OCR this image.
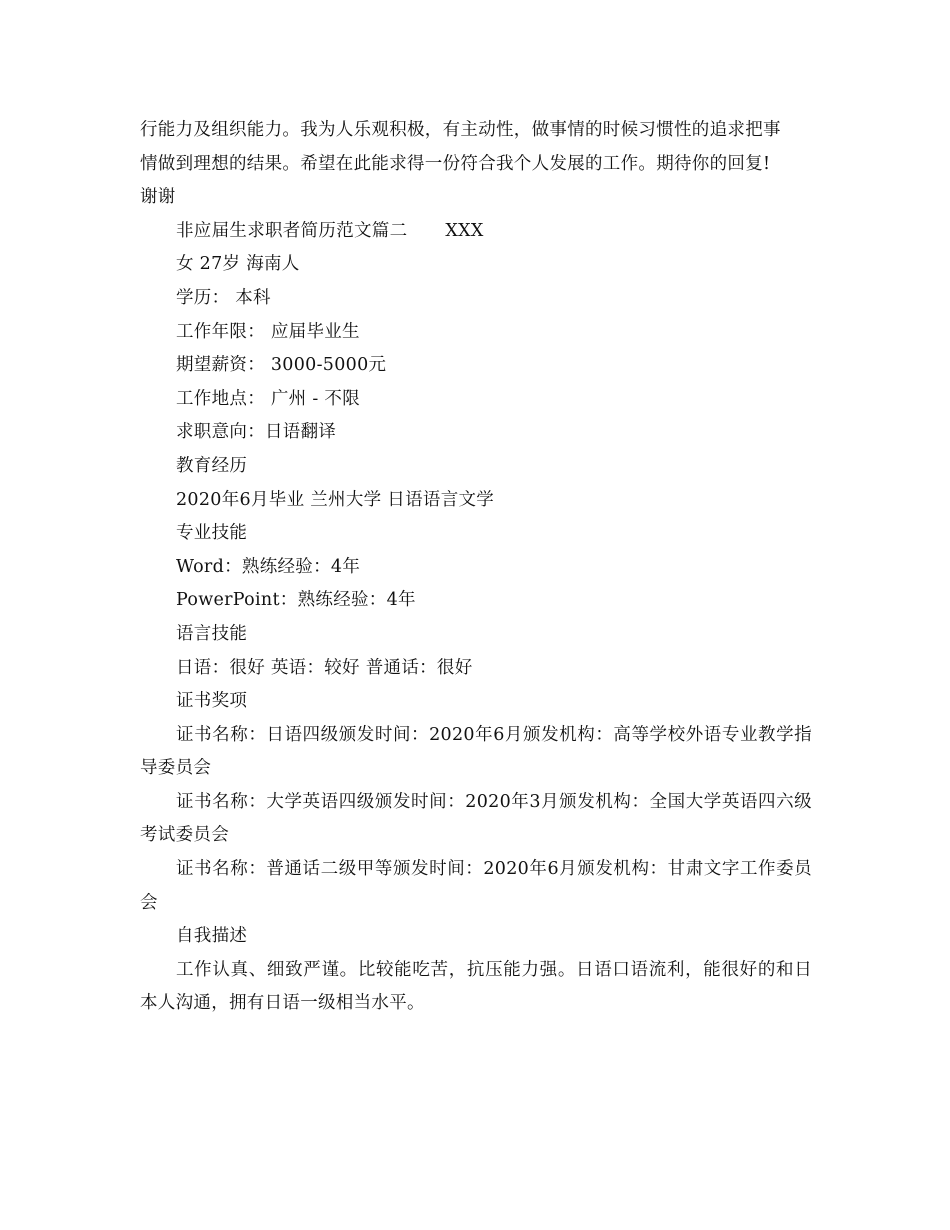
行能力及组织能力。我为人乐观积极，有主动性，做事情的时候习惯性的追求把事

情做到理想的结果。希望在此能求得一份符合我个人发展的工作。期待你的回复!

谢谢

非应届生求职者简历范文篇二 XXX

女 27岁 海南人

学历： 本科

工作年限： 应届毕业生

期望薪资： 3000-5000元

工作地点： 广州 - 不限

求职意向：日语翻译

教育经历

2020年6月毕业 兰州大学 日语语言文学

专业技能

Word：熟练经验：4年

PowerPoint：熟练经验：4年

语言技能

日语：很好 英语：较好 普通话：很好

证书奖项

证书名称：日语四级颁发时间：2020年6月颁发机构：高等学校外语专业教学指导委员会

证书名称：大学英语四级颁发时间：2020年3月颁发机构：全国大学英语四六级考试委员会

证书名称：普通话二级甲等颁发时间：2020年6月颁发机构：甘肃文字工作委员会

自我描述

工作认真、细致严谨。比较能吃苦，抗压能力强。日语口语流利，能很好的和日本人沟通，拥有日语一级相当水平。
